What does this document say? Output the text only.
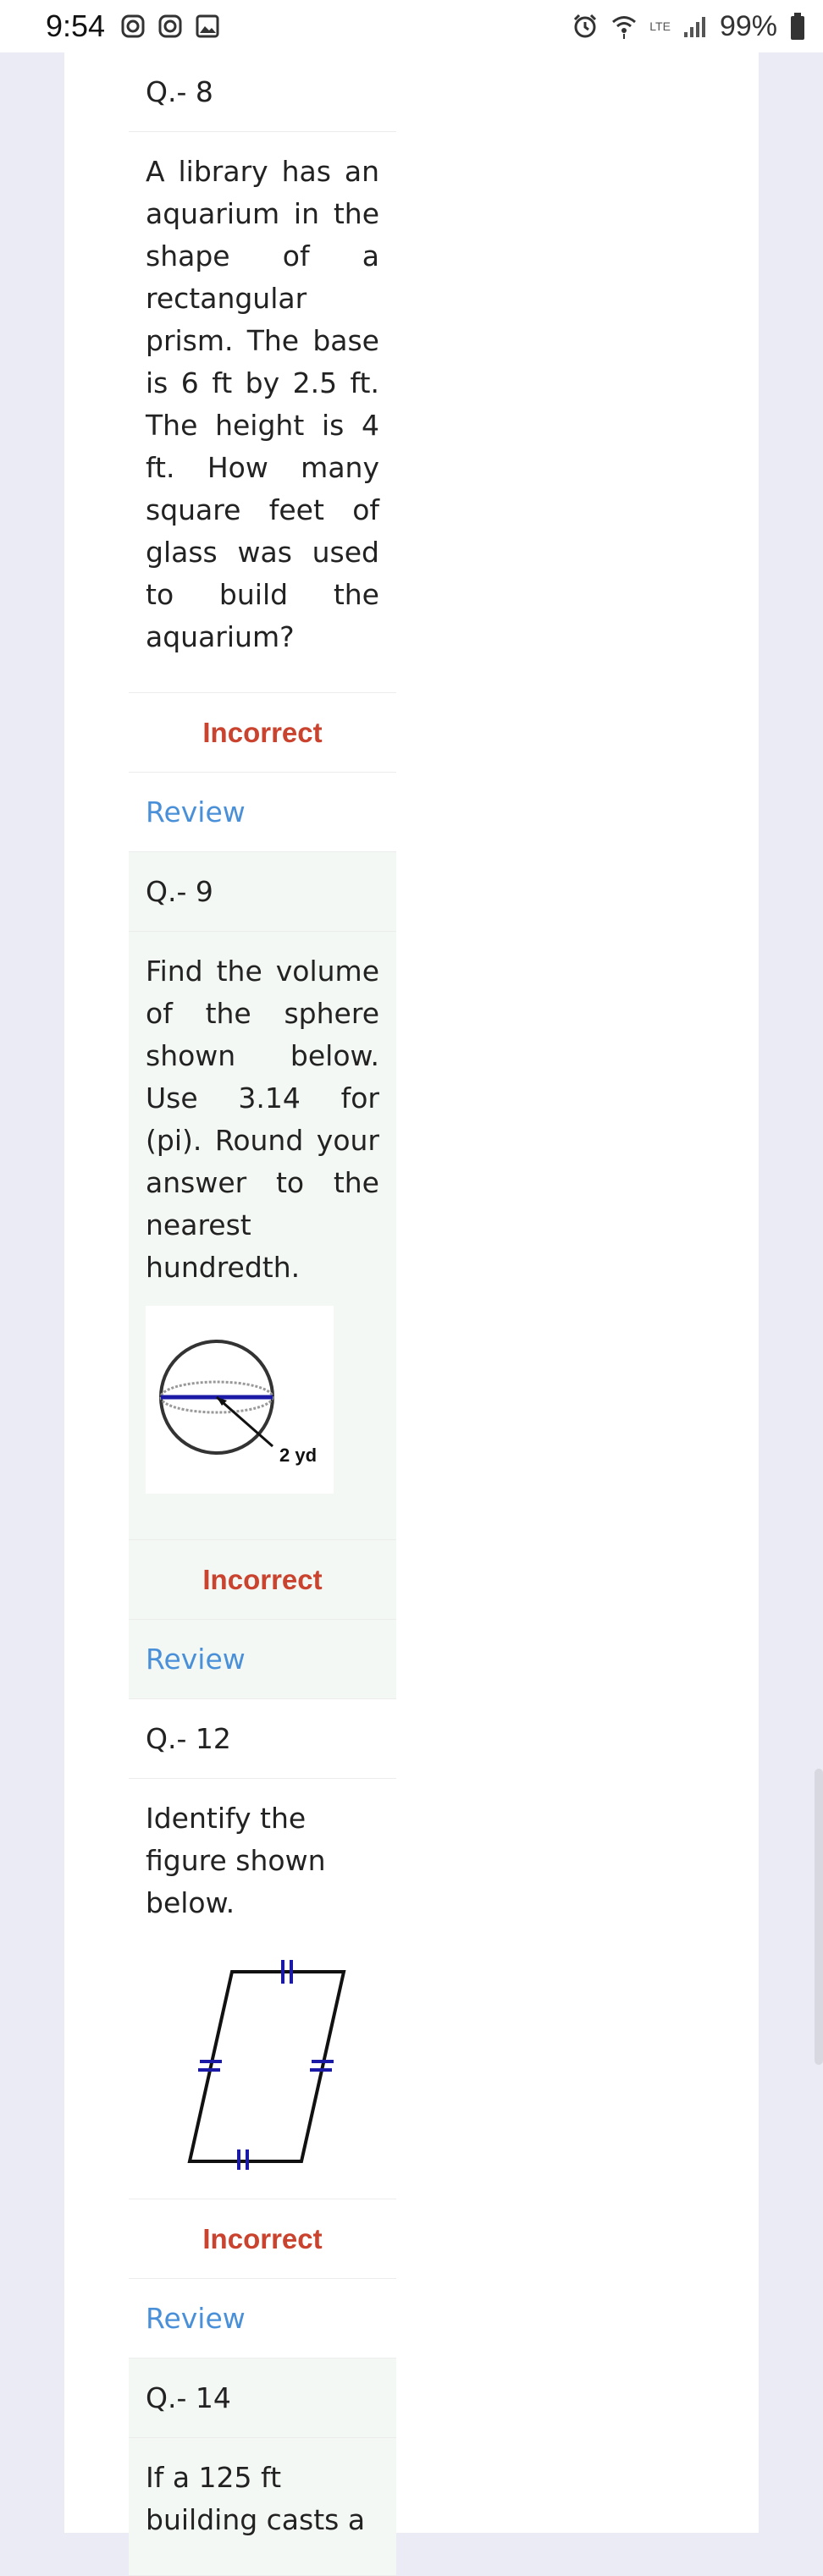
9:54	LTE 99%
Q.- 8
A library has an aquarium in the shape of a rectangular prism. The base is 6 ft by 2.5 ft. The height is 4 ft. How many square feet of glass was used to build the aquarium?
Incorrect
Review
Q.- 9
Find the volume of the sphere shown below. Use 3.14 for (pi). Round your answer to the nearest hundredth.
2 yd
Incorrect
Review
Q.- 12
Identify the figure shown below.
Incorrect
Review
Q.- 14
If a 125 ft building casts a
